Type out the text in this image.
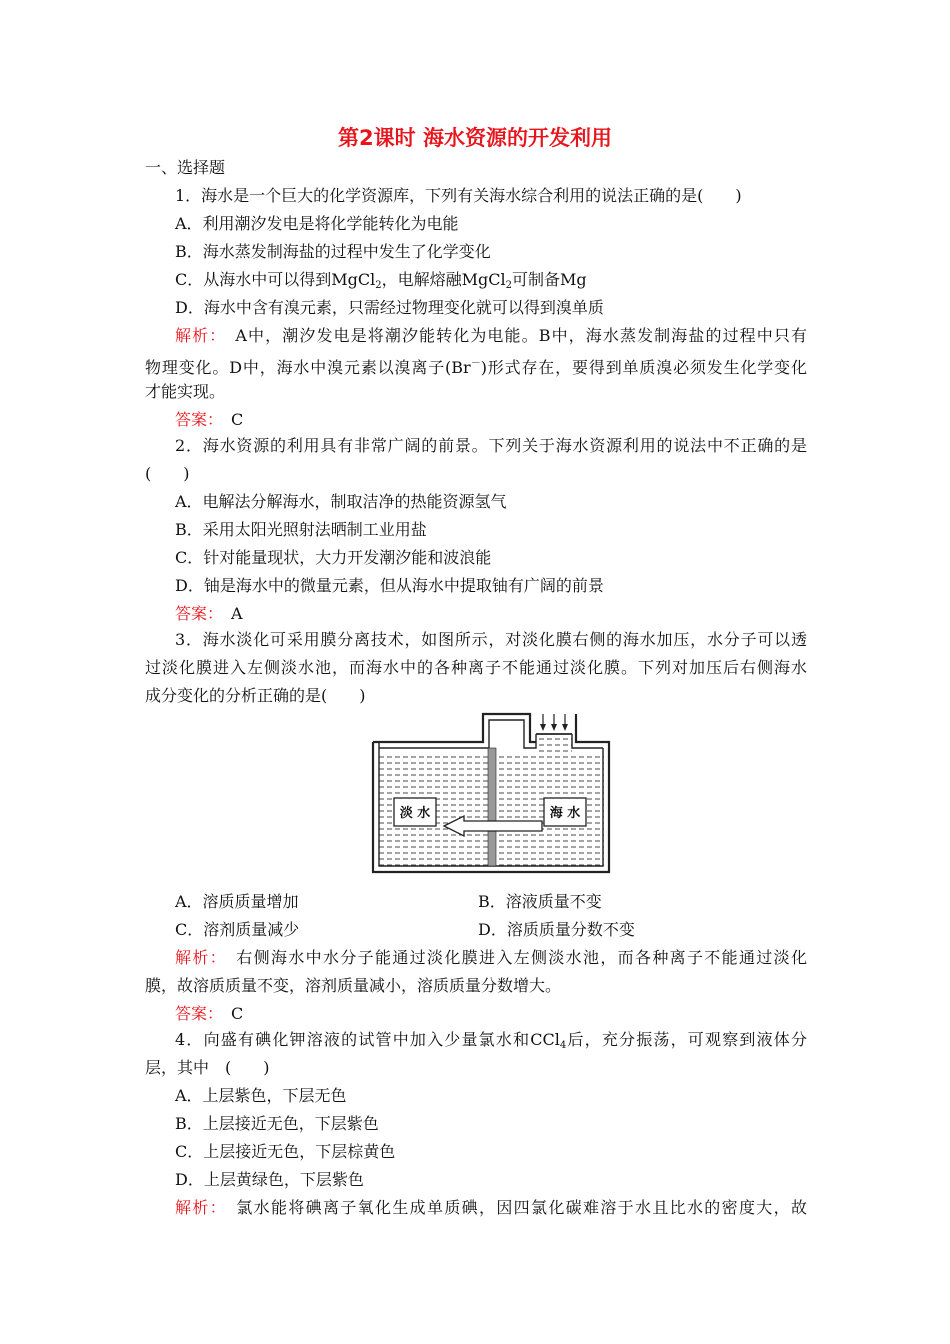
第2课时 海水资源的开发利用
一、选择题
1．海水是一个巨大的化学资源库，下列有关海水综合利用的说法正确的是(　　)
A．利用潮汐发电是将化学能转化为电能
B．海水蒸发制海盐的过程中发生了化学变化
C．从海水中可以得到MgCl$_2$，电解熔融MgCl$_2$可制备Mg
D．海水中含有溴元素，只需经过物理变化就可以得到溴单质
解析：　 A中，潮汐发电是将潮汐能转化为电能。B中，海水蒸发制海盐的过程中只有
物理变化。D中，海水中溴元素以溴离子(Br－)形式存在，要得到单质溴必须发生化学变化
才能实现。
答案：　 C
2．海水资源的利用具有非常广阔的前景。下列关于海水资源利用的说法中不正确的是
(　　)
A．电解法分解海水，制取洁净的热能资源氢气
B．采用太阳光照射法晒制工业用盐
C．针对能量现状，大力开发潮汐能和波浪能
D．铀是海水中的微量元素，但从海水中提取铀有广阔的前景
答案：　 A
3．海水淡化可采用膜分离技术，如图所示，对淡化膜右侧的海水加压，水分子可以透
过淡化膜进入左侧淡水池，而海水中的各种离子不能通过淡化膜。下列对加压后右侧海水
成分变化的分析正确的是(　　)
淡 水	海 水
A．溶质质量增加	B．溶液质量不变
C．溶剂质量减少	D．溶质质量分数不变
解析：　 右侧海水中水分子能通过淡化膜进入左侧淡水池，而各种离子不能通过淡化
膜，故溶质质量不变，溶剂质量减小，溶质质量分数增大。
答案：　 C
4．向盛有碘化钾溶液的试管中加入少量氯水和CCl$_4$后，充分振荡，可观察到液体分
层，其中　(　　)
A．上层紫色，下层无色
B．上层接近无色，下层紫色
C．上层接近无色，下层棕黄色
D．上层黄绿色，下层紫色
解析：　 氯水能将碘离子氧化生成单质碘，因四氯化碳难溶于水且比水的密度大，故
